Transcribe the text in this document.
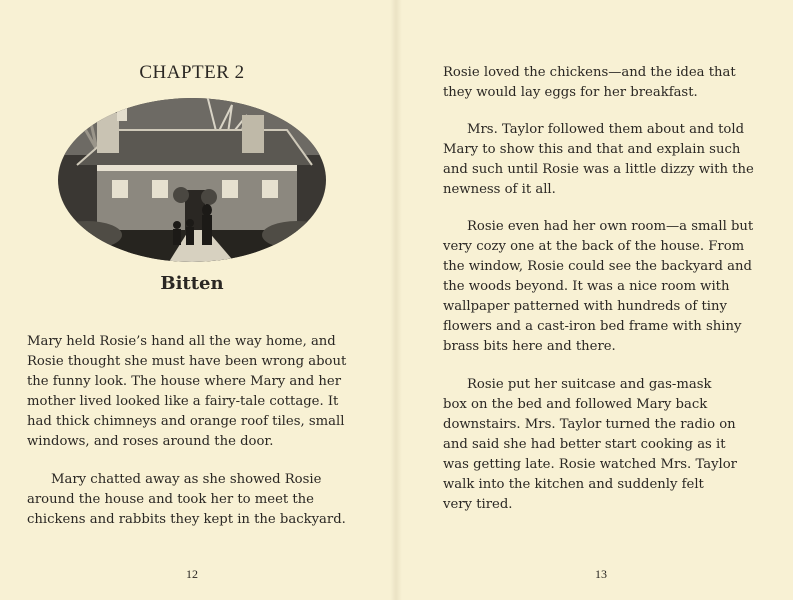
CHAPTER 2
Bitten
Mary held Rosie’s hand all the way home, and
Rosie thought she must have been wrong about
the funny look. The house where Mary and her
mother lived looked like a fairy-tale cottage. It
had thick chimneys and orange roof tiles, small
windows, and roses around the door.
Mary chatted away as she showed Rosie
around the house and took her to meet the
chickens and rabbits they kept in the backyard.
12
Rosie loved the chickens—and the idea that
they would lay eggs for her breakfast.
Mrs. Taylor followed them about and told
Mary to show this and that and explain such
and such until Rosie was a little dizzy with the
newness of it all.
Rosie even had her own room—a small but
very cozy one at the back of the house. From
the window, Rosie could see the backyard and
the woods beyond. It was a nice room with
wallpaper patterned with hundreds of tiny
flowers and a cast-iron bed frame with shiny
brass bits here and there.
Rosie put her suitcase and gas-mask
box on the bed and followed Mary back
downstairs. Mrs. Taylor turned the radio on
and said she had better start cooking as it
was getting late. Rosie watched Mrs. Taylor
walk into the kitchen and suddenly felt
very tired.
13
